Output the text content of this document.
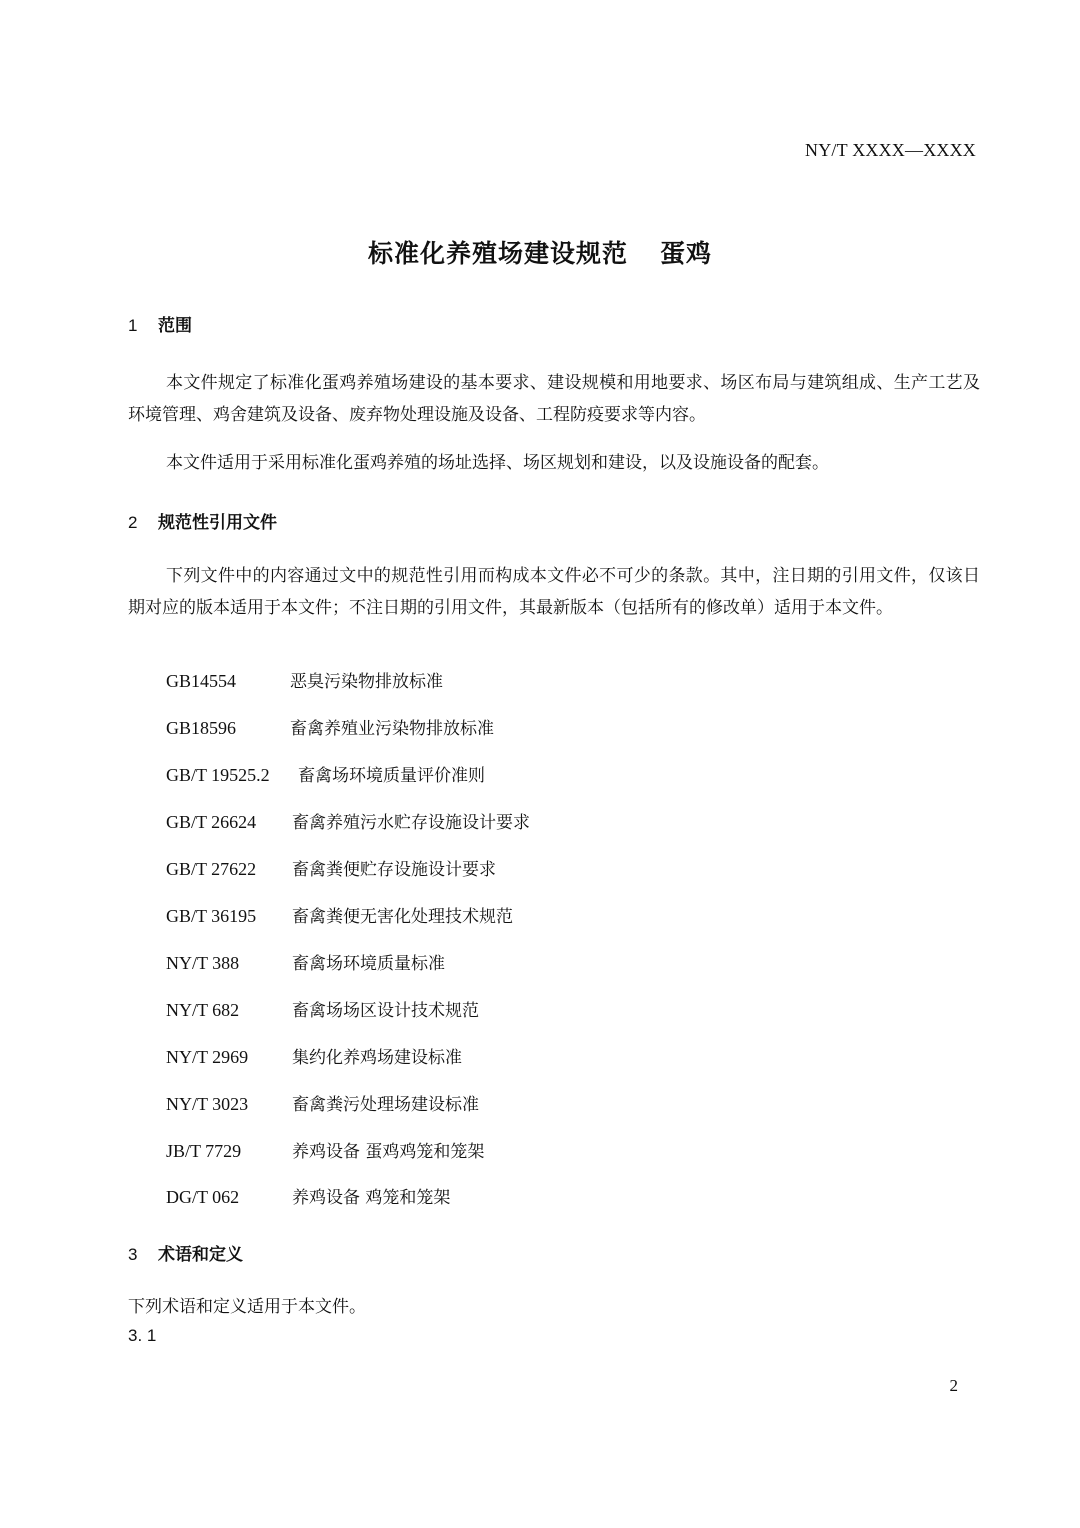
NY/T XXXX—XXXX
标准化养殖场建设规范 蛋鸡
1 范围
本文件规定了标准化蛋鸡养殖场建设的基本要求、建设规模和用地要求、场区布局与建筑组成、生产工艺及环境管理、鸡舍建筑及设备、废弃物处理设施及设备、工程防疫要求等内容。
本文件适用于采用标准化蛋鸡养殖的场址选择、场区规划和建设，以及设施设备的配套。
2 规范性引用文件
下列文件中的内容通过文中的规范性引用而构成本文件必不可少的条款。其中，注日期的引用文件，仅该日期对应的版本适用于本文件；不注日期的引用文件，其最新版本（包括所有的修改单）适用于本文件。
GB14554	恶臭污染物排放标准
GB18596	畜禽养殖业污染物排放标准
GB/T 19525.2 畜禽场环境质量评价准则
GB/T 26624 畜禽养殖污水贮存设施设计要求
GB/T 27622 畜禽粪便贮存设施设计要求
GB/T 36195 畜禽粪便无害化处理技术规范
NY/T 388	畜禽场环境质量标准
NY/T 682	畜禽场场区设计技术规范
NY/T 2969	集约化养鸡场建设标准
NY/T 3023	畜禽粪污处理场建设标准
JB/T 7729	养鸡设备 蛋鸡鸡笼和笼架
DG/T 062	养鸡设备 鸡笼和笼架
3 术语和定义
下列术语和定义适用于本文件。
3. 1
2
